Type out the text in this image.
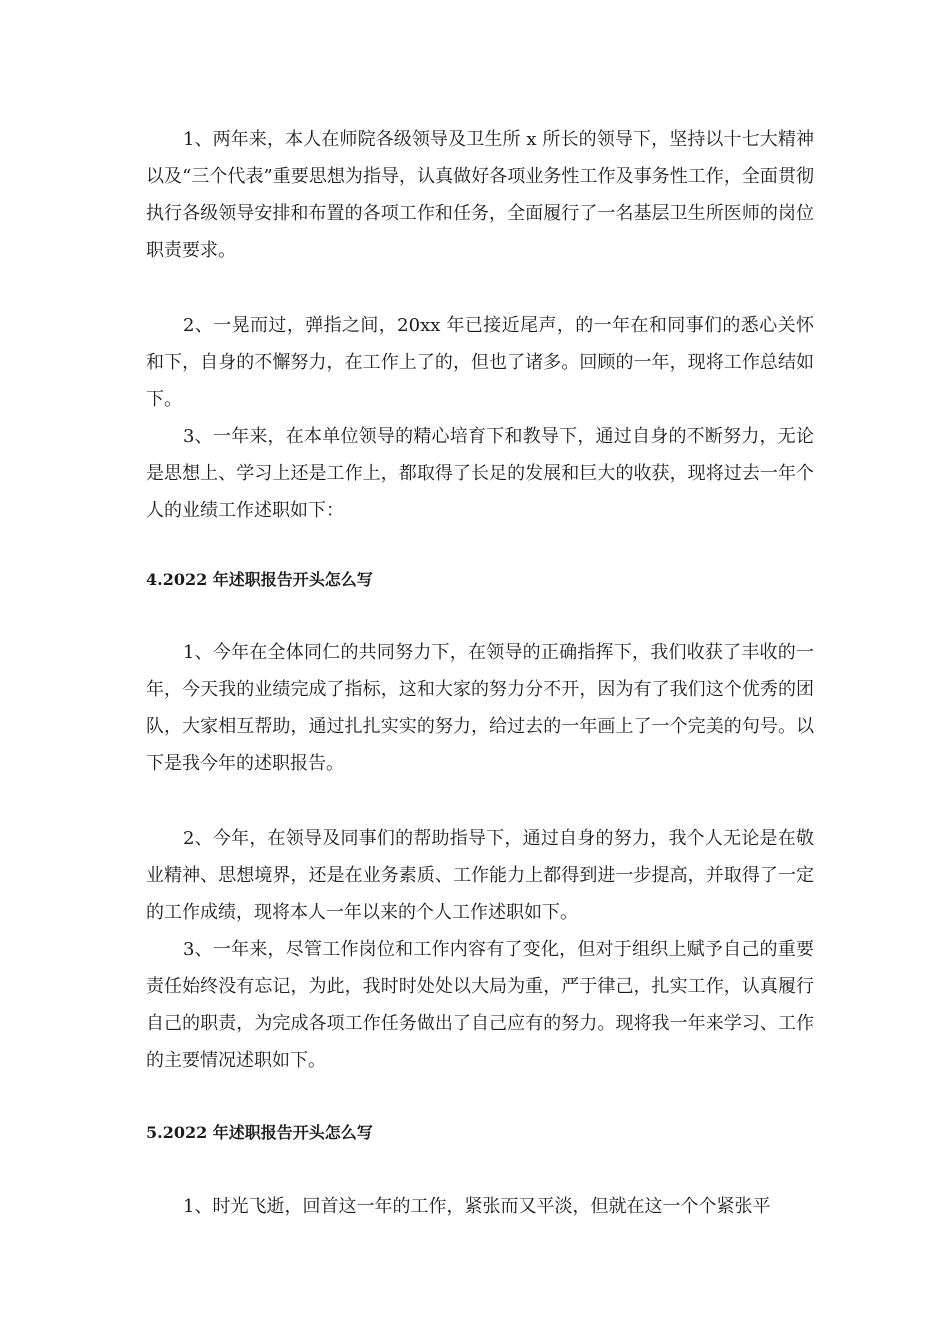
1、两年来，本人在师院各级领导及卫生所 x 所长的领导下，坚持以十七大精神以及“三个代表”重要思想为指导，认真做好各项业务性工作及事务性工作，全面贯彻执行各级领导安排和布置的各项工作和任务，全面履行了一名基层卫生所医师的岗位职责要求。

2、一晃而过，弹指之间，20xx 年已接近尾声，的一年在和同事们的悉心关怀和下，自身的不懈努力，在工作上了的，但也了诸多。回顾的一年，现将工作总结如下。

3、一年来，在本单位领导的精心培育下和教导下，通过自身的不断努力，无论是思想上、学习上还是工作上，都取得了长足的发展和巨大的收获，现将过去一年个人的业绩工作述职如下：

4.2022 年述职报告开头怎么写

1、今年在全体同仁的共同努力下，在领导的正确指挥下，我们收获了丰收的一年，今天我的业绩完成了指标，这和大家的努力分不开，因为有了我们这个优秀的团队，大家相互帮助，通过扎扎实实的努力，给过去的一年画上了一个完美的句号。以下是我今年的述职报告。

2、今年，在领导及同事们的帮助指导下，通过自身的努力，我个人无论是在敬业精神、思想境界，还是在业务素质、工作能力上都得到进一步提高，并取得了一定的工作成绩，现将本人一年以来的个人工作述职如下。

3、一年来，尽管工作岗位和工作内容有了变化，但对于组织上赋予自己的重要责任始终没有忘记，为此，我时时处处以大局为重，严于律己，扎实工作，认真履行自己的职责，为完成各项工作任务做出了自己应有的努力。现将我一年来学习、工作的主要情况述职如下。

5.2022 年述职报告开头怎么写

1、时光飞逝，回首这一年的工作，紧张而又平淡，但就在这一个个紧张平
